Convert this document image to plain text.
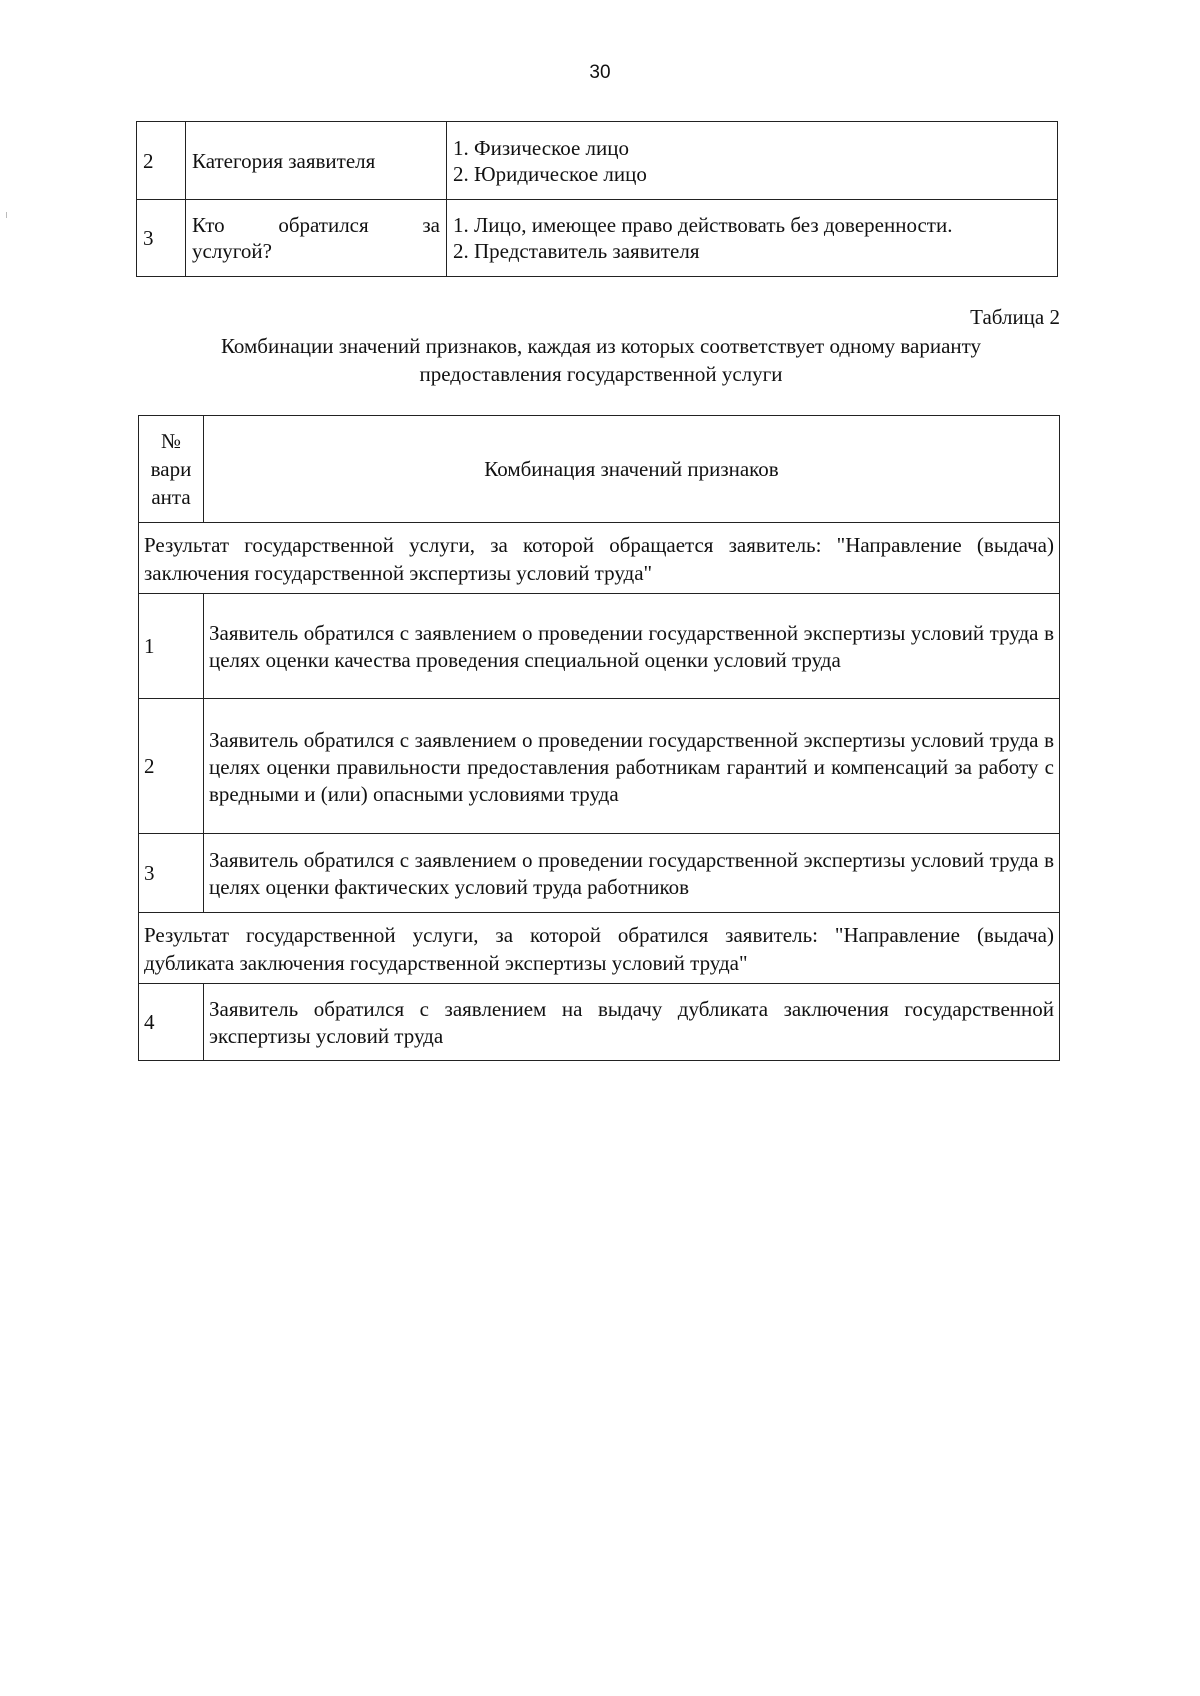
30
2	Категория заявителя	1. Физическое лицо
2. Юридическое лицо

3	Кто обратился за
услугой?	1. Лицо, имеющее право действовать без доверенности.
2. Представитель заявителя
Таблица 2
Комбинации значений признаков, каждая из которых соответствует одному варианту
предоставления государственной услуги
№
вари
анта	Комбинация значений признаков
Результат государственной услуги, за которой обращается заявитель: "Направление (выдача) заключения государственной экспертизы условий труда"	
1	Заявитель обратился с заявлением о проведении государственной экспертизы условий труда в целях оценки качества проведения специальной оценки условий труда
2	Заявитель обратился с заявлением о проведении государственной экспертизы условий труда в целях оценки правильности предоставления работникам гарантий и компенсаций за работу с вредными и (или) опасными условиями труда
3	Заявитель обратился с заявлением о проведении государственной экспертизы условий труда в целях оценки фактических условий труда работников
Результат государственной услуги, за которой обратился заявитель: "Направление (выдача) дубликата заключения государственной экспертизы условий труда"	
4	Заявитель обратился с заявлением на выдачу дубликата заключения государственной экспертизы условий труда
